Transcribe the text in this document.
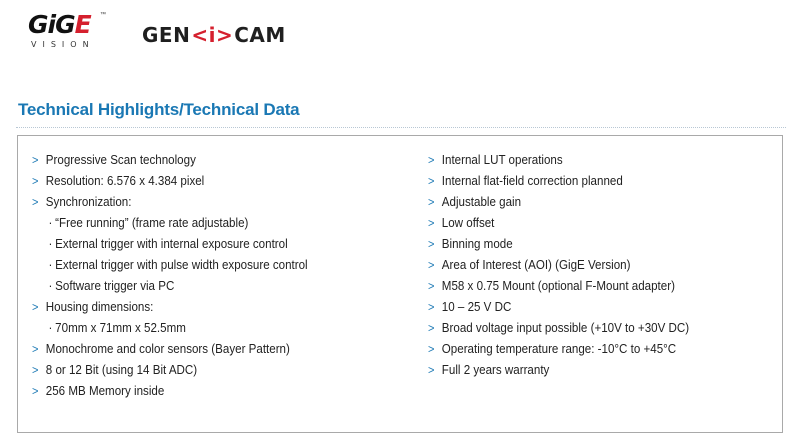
GiGE ™
VISION GEN <i> CAM
Technical Highlights/Technical Data
> Progressive Scan technology
> Resolution: 6.576 x 4.384 pixel
> Synchronization:
· “Free running” (frame rate adjustable)
· External trigger with internal exposure control
· External trigger with pulse width exposure control
· Software trigger via PC
> Housing dimensions:
· 70mm x 71mm x 52.5mm
> Monochrome and color sensors (Bayer Pattern)
> 8 or 12 Bit (using 14 Bit ADC)
> 256 MB Memory inside
> Internal LUT operations
> Internal flat-field correction planned
> Adjustable gain
> Low offset
> Binning mode
> Area of Interest (AOI) (GigE Version)
> M58 x 0.75 Mount (optional F-Mount adapter)
> 10 – 25 V DC
> Broad voltage input possible (+10V to +30V DC)
> Operating temperature range: -10°C to +45°C
> Full 2 years warranty
